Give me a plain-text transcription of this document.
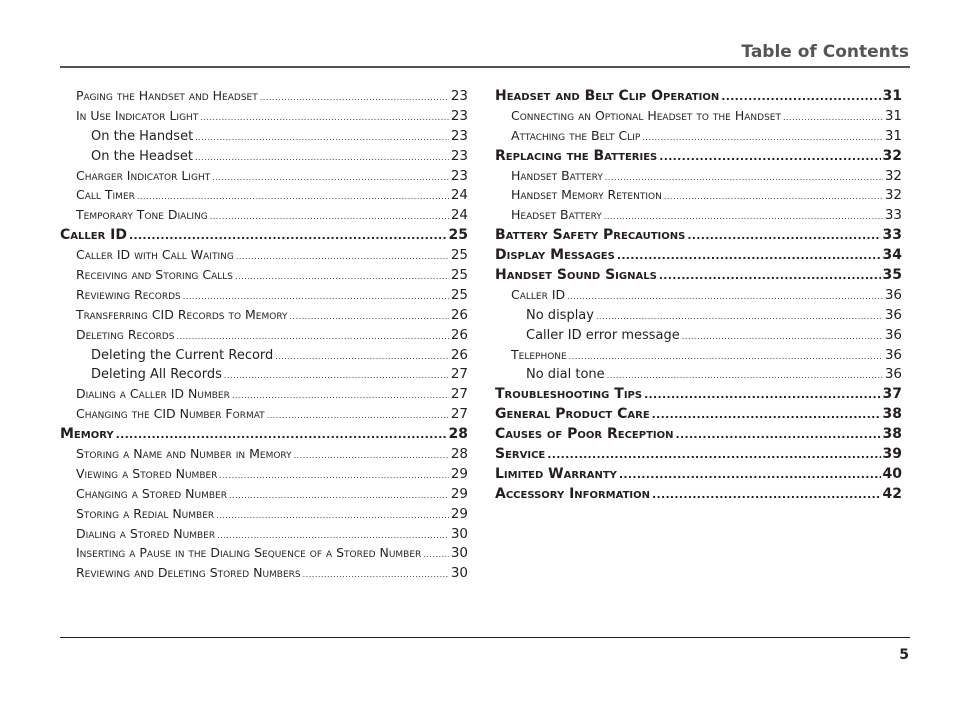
Table of Contents
Paging the Handset and Headset .....	23
In Use Indicator Light .....	23
On the Handset .....	23
On the Headset .....	23
Charger Indicator Light .....	23
Call Timer .....	24
Temporary Tone Dialing .....	24
Caller ID .....	25
Caller ID with Call Waiting .....	25
Receiving and Storing Calls .....	25
Reviewing Records .....	25
Transferring CID Records to Memory .....	26
Deleting Records .....	26
Deleting the Current Record .....	26
Deleting All Records .....	27
Dialing a Caller ID Number .....	27
Changing the CID Number Format .....	27
Memory .....	28
Storing a Name and Number in Memory .....	28
Viewing a Stored Number .....	29
Changing a Stored Number .....	29
Storing a Redial Number .....	29
Dialing a Stored Number .....	30
Inserting a Pause in the Dialing Sequence of a Stored Number ..... 30
Reviewing and Deleting Stored Numbers .....	30
Headset and Belt Clip Operation .....	31
Connecting an Optional Headset to the Handset .....	31
Attaching the Belt Clip .....	31
Replacing the Batteries .....	32
Handset Battery .....	32
Handset Memory Retention .....	32
Headset Battery .....	33
Battery Safety Precautions .....	33
Display Messages .....	34
Handset Sound Signals .....	35
Caller ID .....	36
No display .....	36
Caller ID error message .....	36
Telephone .....	36
No dial tone .....	36
Troubleshooting Tips .....	37
General Product Care .....	38
Causes of Poor Reception .....	38
Service .....	39
Limited Warranty .....	40
Accessory Information .....	42
5
